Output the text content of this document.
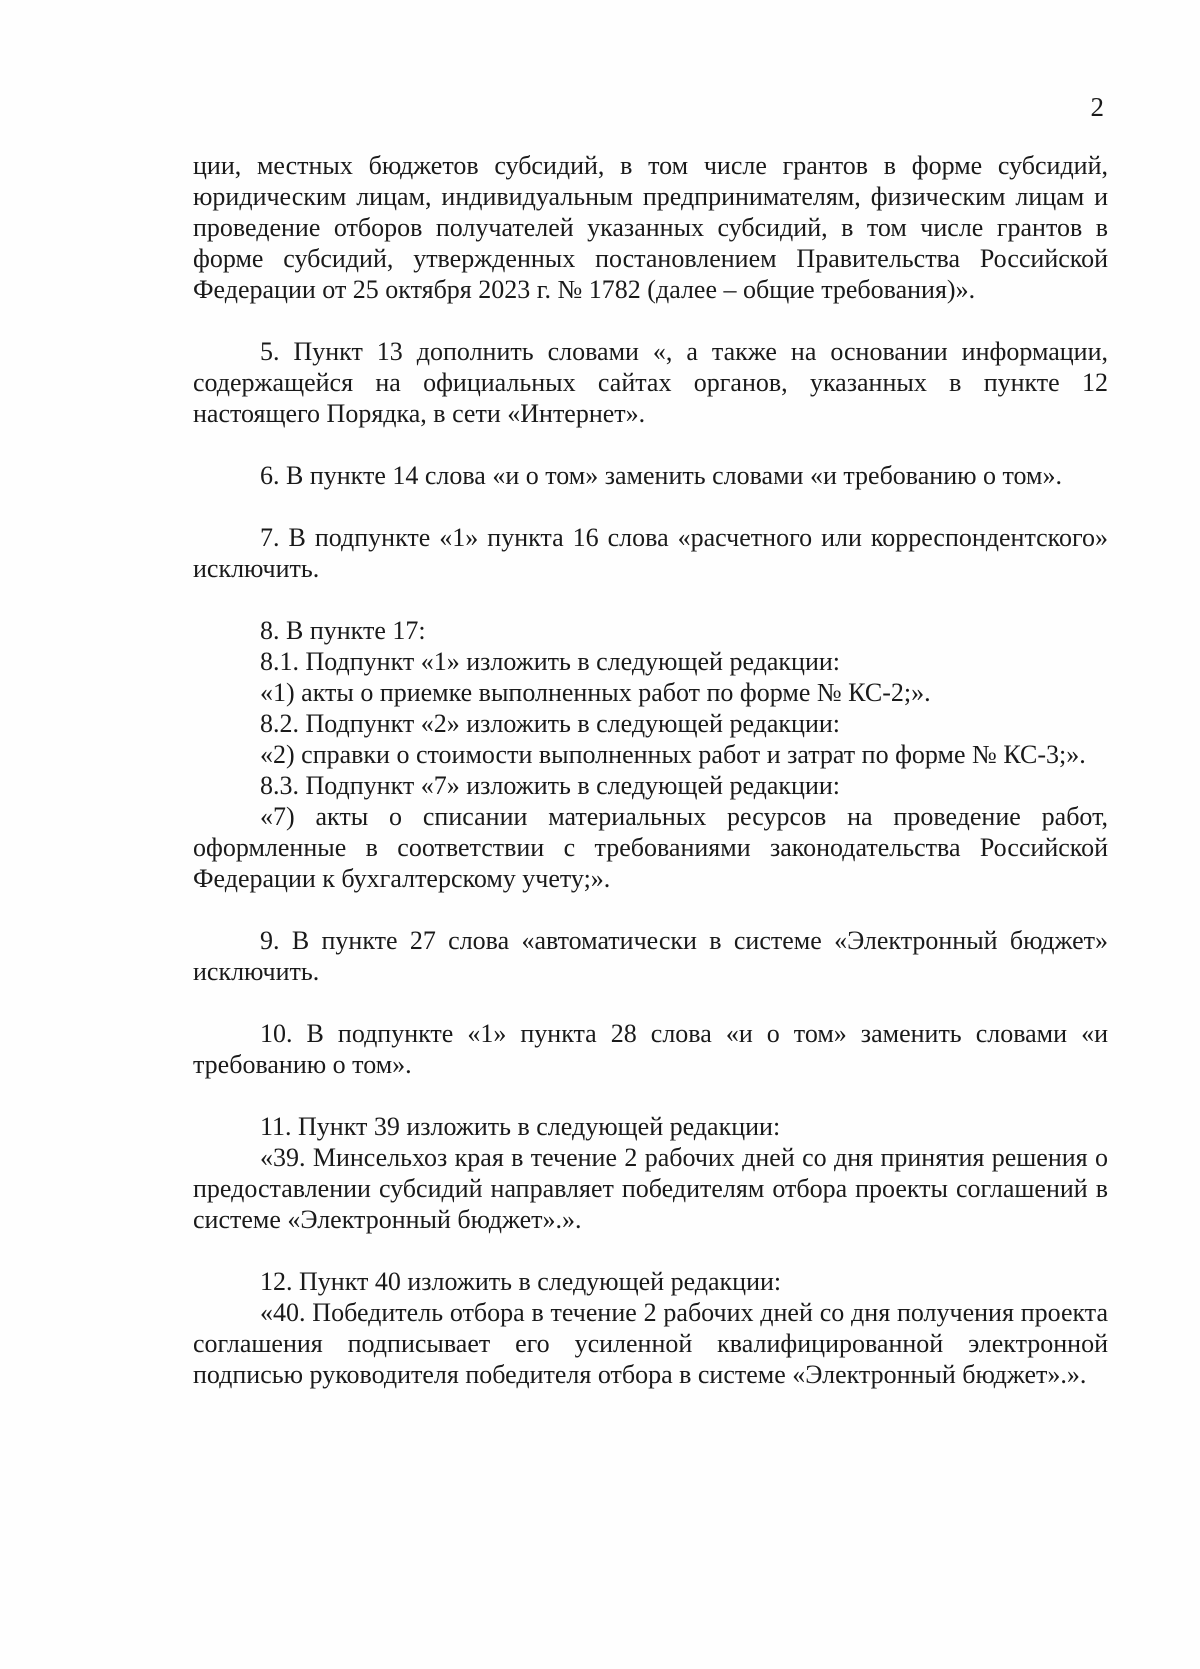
2

ции, местных бюджетов субсидий, в том числе грантов в форме субсидий, юридическим лицам, индивидуальным предпринимателям, физическим лицам и проведение отборов получателей указанных субсидий, в том числе грантов в форме субсидий, утвержденных постановлением Правительства Российской Федерации от 25 октября 2023 г. № 1782 (далее – общие требования)».

5. Пункт 13 дополнить словами «, а также на основании информации, содержащейся на официальных сайтах органов, указанных в пункте 12 настоящего Порядка, в сети «Интернет».

6. В пункте 14 слова «и о том» заменить словами «и требованию о том».

7. В подпункте «1» пункта 16 слова «расчетного или корреспондентского» исключить.

8. В пункте 17:

8.1. Подпункт «1» изложить в следующей редакции:

«1) акты о приемке выполненных работ по форме № КС-2;».

8.2. Подпункт «2» изложить в следующей редакции:

«2) справки о стоимости выполненных работ и затрат по форме № КС-3;».

8.3. Подпункт «7» изложить в следующей редакции:

«7) акты о списании материальных ресурсов на проведение работ, оформленные в соответствии с требованиями законодательства Российской Федерации к бухгалтерскому учету;».

9. В пункте 27 слова «автоматически в системе «Электронный бюджет» исключить.

10. В подпункте «1» пункта 28 слова «и о том» заменить словами «и требованию о том».

11. Пункт 39 изложить в следующей редакции:

«39. Минсельхоз края в течение 2 рабочих дней со дня принятия решения о предоставлении субсидий направляет победителям отбора проекты соглашений в системе «Электронный бюджет».».

12. Пункт 40 изложить в следующей редакции:

«40. Победитель отбора в течение 2 рабочих дней со дня получения проекта соглашения подписывает его усиленной квалифицированной электронной подписью руководителя победителя отбора в системе «Электронный бюджет».».
